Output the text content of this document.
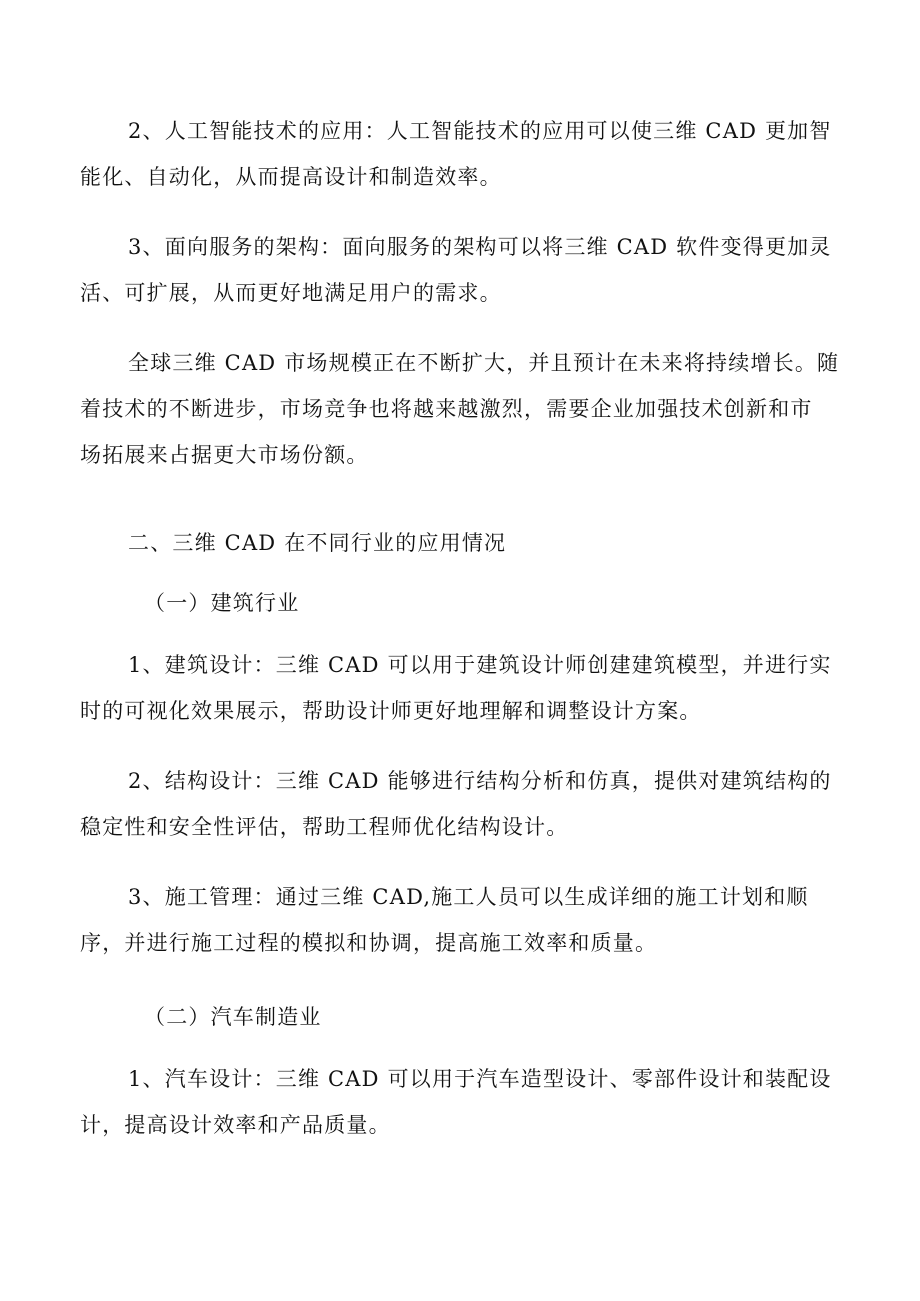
2、人工智能技术的应用：人工智能技术的应用可以使三维 CAD 更加智
能化、自动化，从而提高设计和制造效率。

3、面向服务的架构：面向服务的架构可以将三维 CAD 软件变得更加灵
活、可扩展，从而更好地满足用户的需求。

全球三维 CAD 市场规模正在不断扩大，并且预计在未来将持续增长。随
着技术的不断进步，市场竞争也将越来越激烈，需要企业加强技术创新和市
场拓展来占据更大市场份额。

二、三维 CAD 在不同行业的应用情况

（一）建筑行业

1、建筑设计：三维 CAD 可以用于建筑设计师创建建筑模型，并进行实
时的可视化效果展示，帮助设计师更好地理解和调整设计方案。

2、结构设计：三维 CAD 能够进行结构分析和仿真，提供对建筑结构的
稳定性和安全性评估，帮助工程师优化结构设计。

3、施工管理：通过三维 CAD,施工人员可以生成详细的施工计划和顺
序，并进行施工过程的模拟和协调，提高施工效率和质量。

（二）汽车制造业

1、汽车设计：三维 CAD 可以用于汽车造型设计、零部件设计和装配设
计，提高设计效率和产品质量。
